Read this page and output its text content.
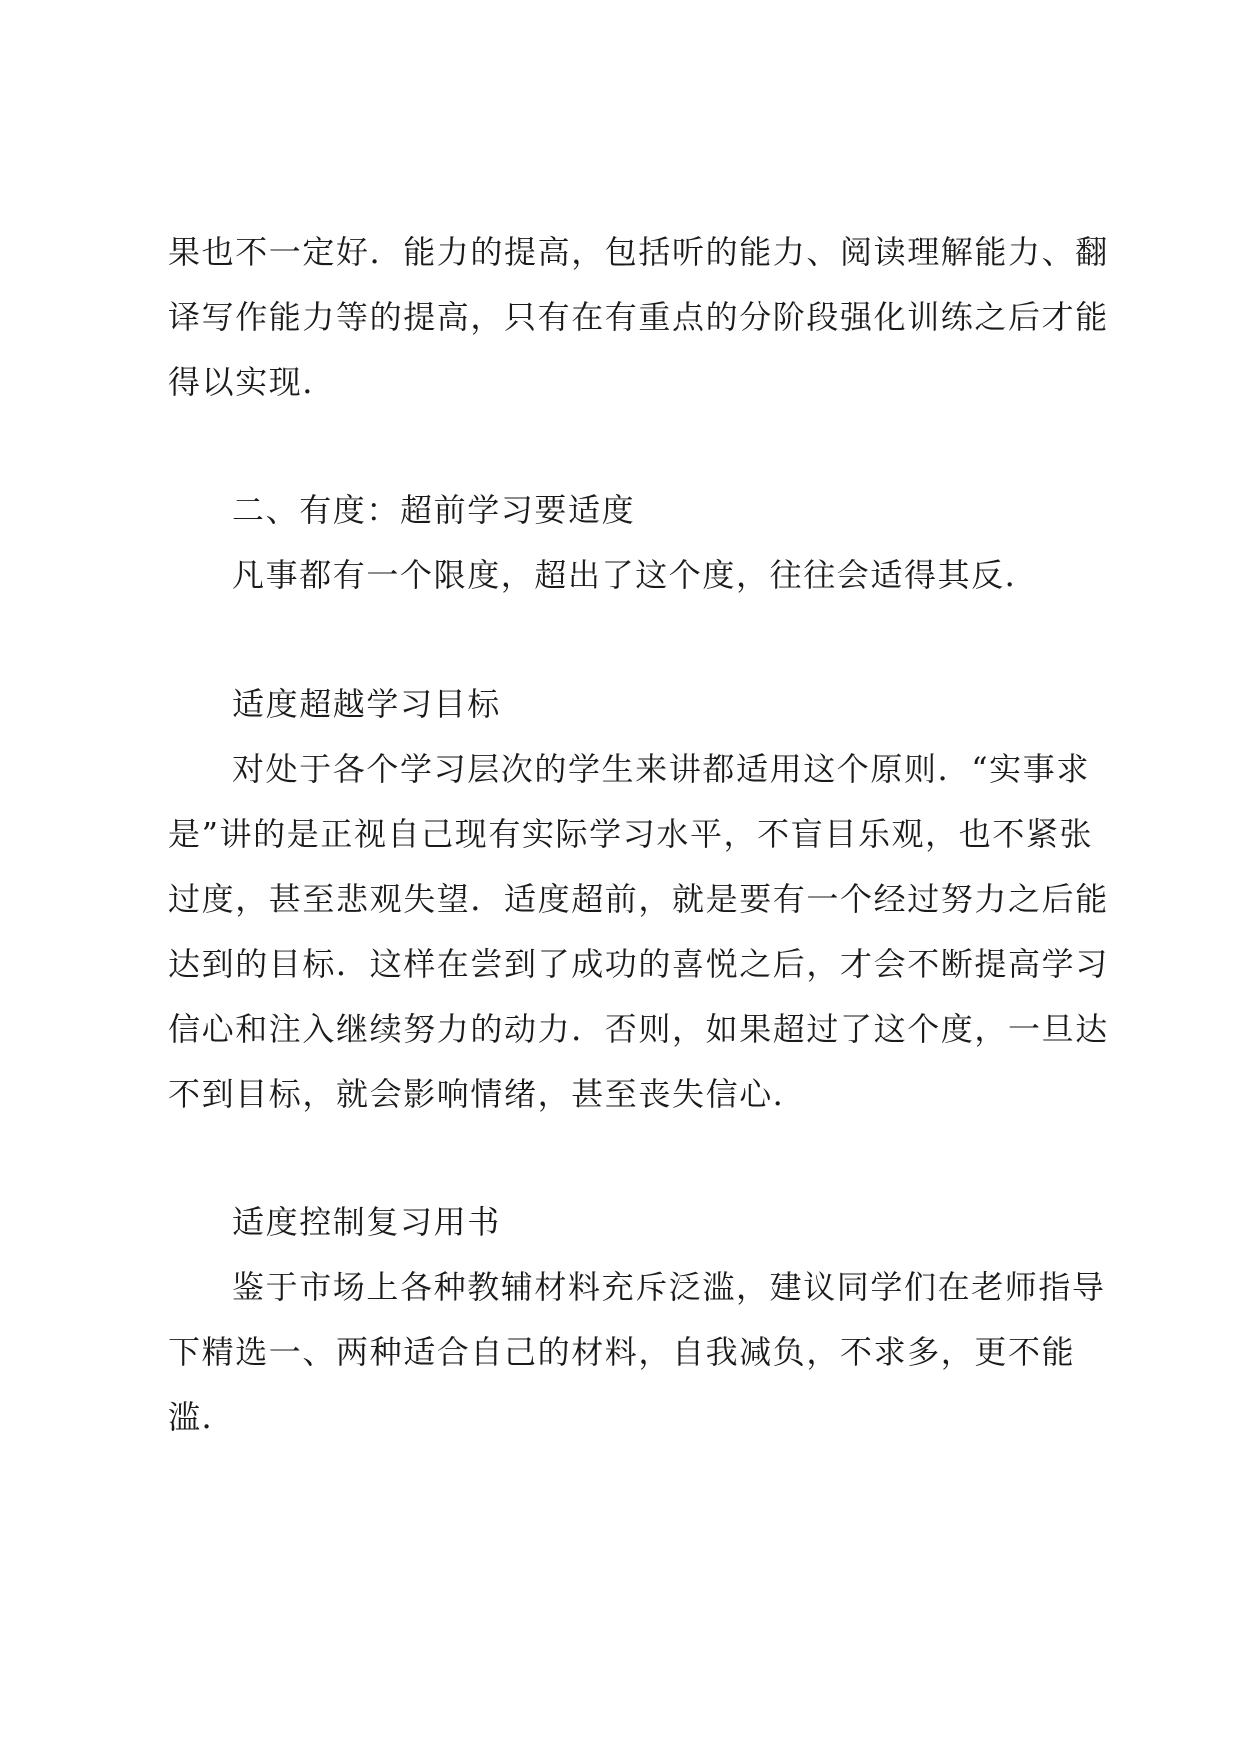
果也不一定好．能力的提高，包括听的能力、阅读理解能力、翻
译写作能力等的提高，只有在有重点的分阶段强化训练之后才能
得以实现．
二、有度：超前学习要适度
凡事都有一个限度，超出了这个度，往往会适得其反．
适度超越学习目标
对处于各个学习层次的学生来讲都适用这个原则．“实事求
是”讲的是正视自己现有实际学习水平，不盲目乐观，也不紧张
过度，甚至悲观失望．适度超前，就是要有一个经过努力之后能
达到的目标．这样在尝到了成功的喜悦之后，才会不断提高学习
信心和注入继续努力的动力．否则，如果超过了这个度，一旦达
不到目标，就会影响情绪，甚至丧失信心．
适度控制复习用书
鉴于市场上各种教辅材料充斥泛滥，建议同学们在老师指导
下精选一、两种适合自己的材料，自我减负，不求多，更不能
滥．
